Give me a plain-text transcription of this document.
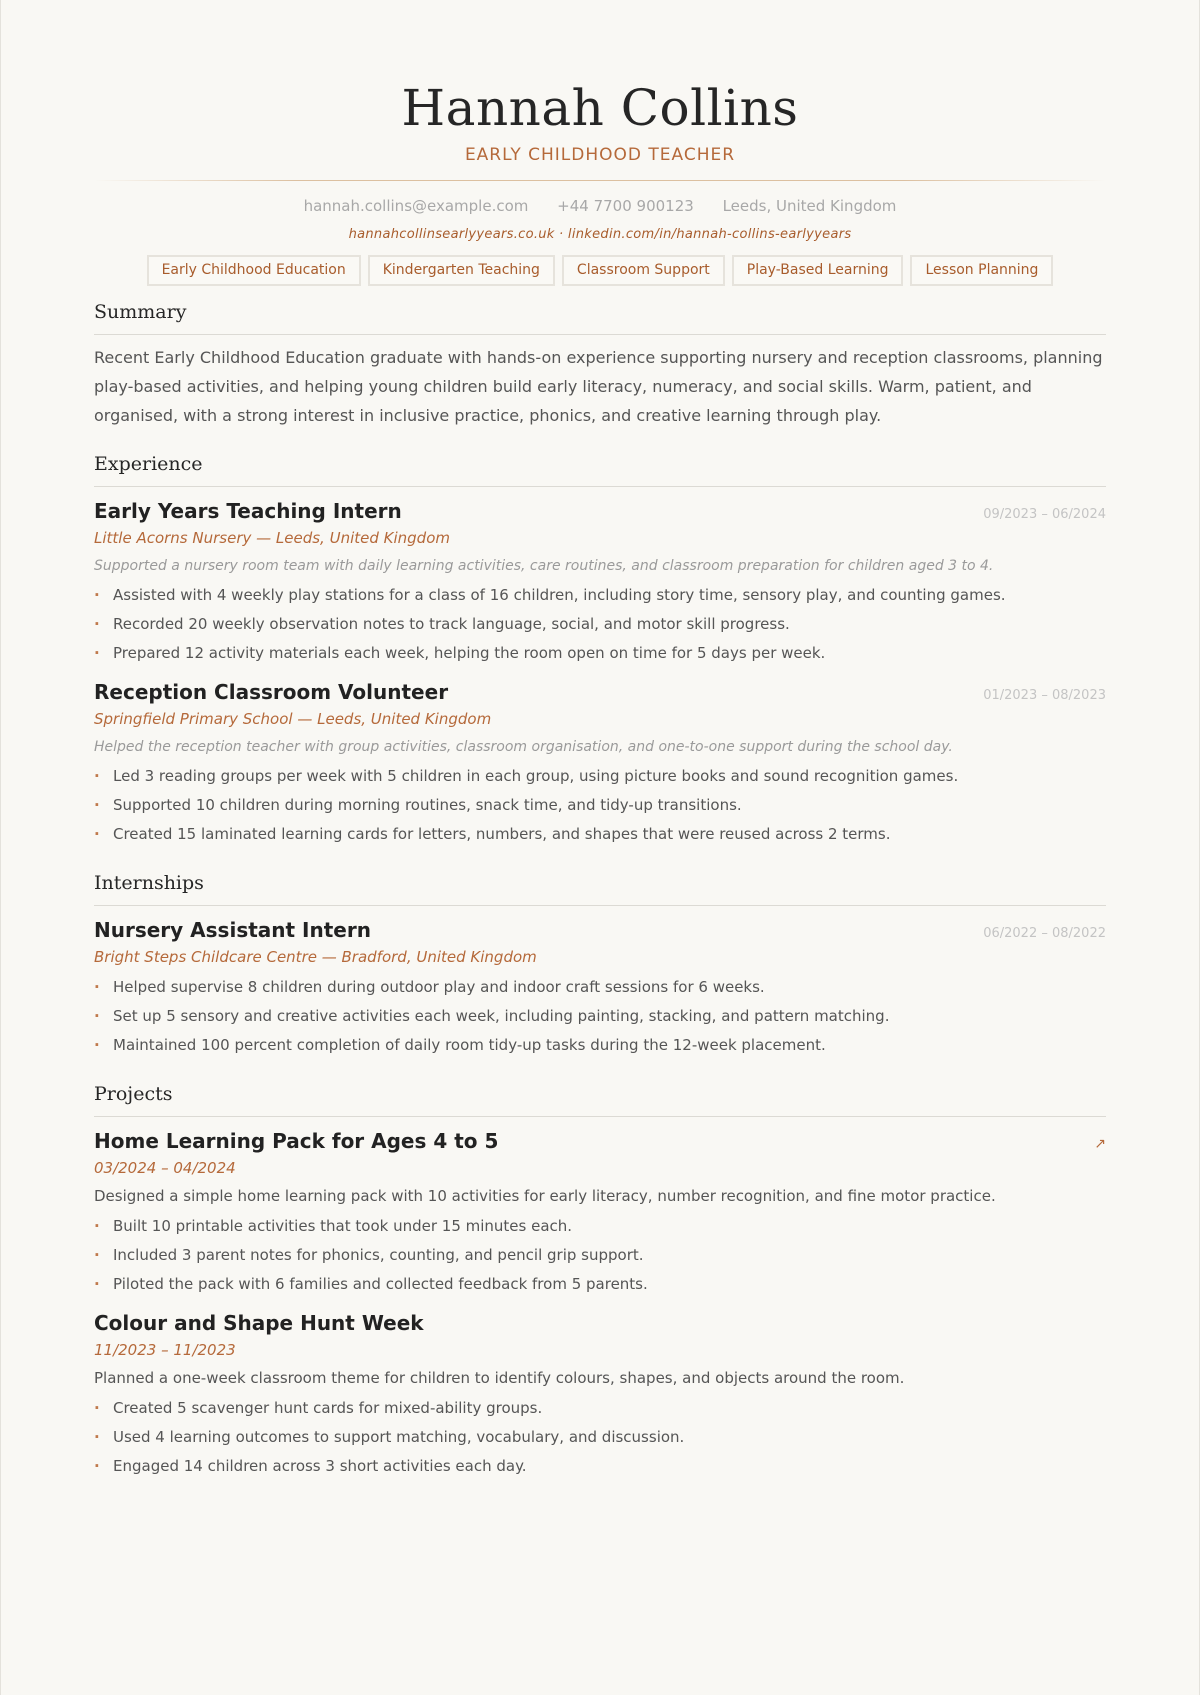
Hannah Collins
EARLY CHILDHOOD TEACHER
hannah.collins@example.com +44 7700 900123 Leeds, United Kingdom
hannahcollinsearlyyears.co.uk · linkedin.com/in/hannah-collins-earlyyears
Early Childhood Education	Kindergarten Teaching	Classroom Support	Play-Based Learning	Lesson Planning
Summary
Recent Early Childhood Education graduate with hands-on experience supporting nursery and reception classrooms, planning play-based activities, and helping young children build early literacy, numeracy, and social skills. Warm, patient, and organised, with a strong interest in inclusive practice, phonics, and creative learning through play.
Experience
Early Years Teaching Intern	09/2023 – 06/2024
Little Acorns Nursery — Leeds, United Kingdom
Supported a nursery room team with daily learning activities, care routines, and classroom preparation for children aged 3 to 4.
· Assisted with 4 weekly play stations for a class of 16 children, including story time, sensory play, and counting games.
· Recorded 20 weekly observation notes to track language, social, and motor skill progress.
· Prepared 12 activity materials each week, helping the room open on time for 5 days per week.
Reception Classroom Volunteer	01/2023 – 08/2023
Springfield Primary School — Leeds, United Kingdom
Helped the reception teacher with group activities, classroom organisation, and one-to-one support during the school day.
· Led 3 reading groups per week with 5 children in each group, using picture books and sound recognition games.
· Supported 10 children during morning routines, snack time, and tidy-up transitions.
· Created 15 laminated learning cards for letters, numbers, and shapes that were reused across 2 terms.
Internships
Nursery Assistant Intern	06/2022 – 08/2022
Bright Steps Childcare Centre — Bradford, United Kingdom
· Helped supervise 8 children during outdoor play and indoor craft sessions for 6 weeks.
· Set up 5 sensory and creative activities each week, including painting, stacking, and pattern matching.
· Maintained 100 percent completion of daily room tidy-up tasks during the 12-week placement.
Projects
Home Learning Pack for Ages 4 to 5	↗
03/2024 – 04/2024
Designed a simple home learning pack with 10 activities for early literacy, number recognition, and fine motor practice.
· Built 10 printable activities that took under 15 minutes each.
· Included 3 parent notes for phonics, counting, and pencil grip support.
· Piloted the pack with 6 families and collected feedback from 5 parents.
Colour and Shape Hunt Week
11/2023 – 11/2023
Planned a one-week classroom theme for children to identify colours, shapes, and objects around the room.
· Created 5 scavenger hunt cards for mixed-ability groups.
· Used 4 learning outcomes to support matching, vocabulary, and discussion.
· Engaged 14 children across 3 short activities each day.
